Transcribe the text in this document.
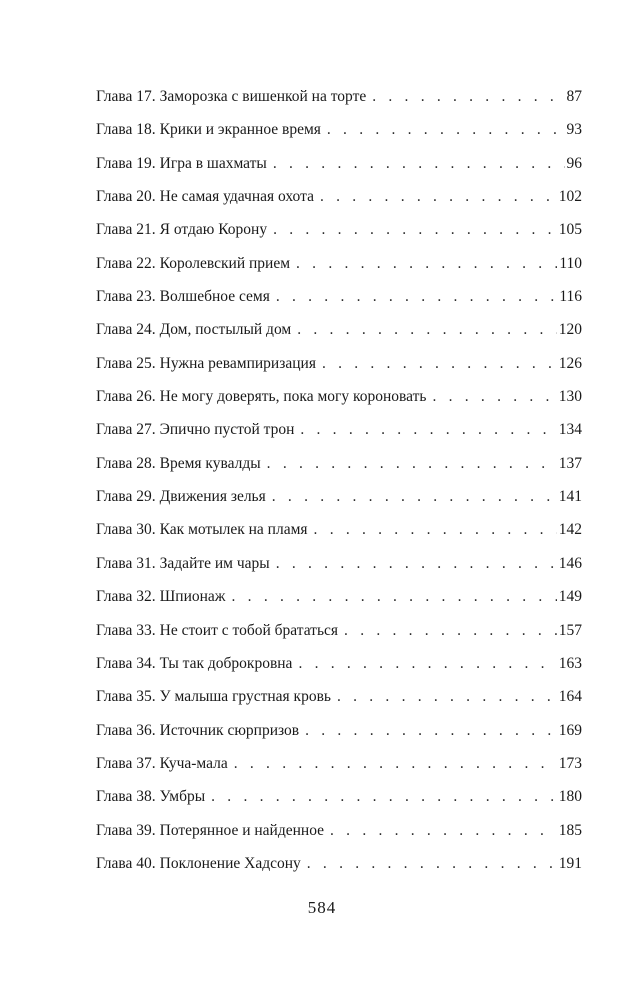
Глава 17. Заморозка с вишенкой на торте . . .	87
Глава 18. Крики и экранное время . . .	93
Глава 19. Игра в шахматы . . .	96
Глава 20. Не самая удачная охота . . .	102
Глава 21. Я отдаю Корону . . .	105
Глава 22. Королевский прием . . .	110
Глава 23. Волшебное семя . . .	116
Глава 24. Дом, постылый дом . . .	120
Глава 25. Нужна ревампиризация . . .	126
Глава 26. Не могу доверять, пока могу короновать . . .	130
Глава 27. Эпично пустой трон . . .	134
Глава 28. Время кувалды . . .	137
Глава 29. Движения зелья . . .	141
Глава 30. Как мотылек на пламя . . .	142
Глава 31. Задайте им чары . . .	146
Глава 32. Шпионаж . . .	149
Глава 33. Не стоит с тобой брататься . . .	157
Глава 34. Ты так доброкровна . . .	163
Глава 35. У малыша грустная кровь . . .	164
Глава 36. Источник сюрпризов . . .	169
Глава 37. Куча-мала . . .	173
Глава 38. Умбры . . .	180
Глава 39. Потерянное и найденное . . .	185
Глава 40. Поклонение Хадсону . . .	191
584
